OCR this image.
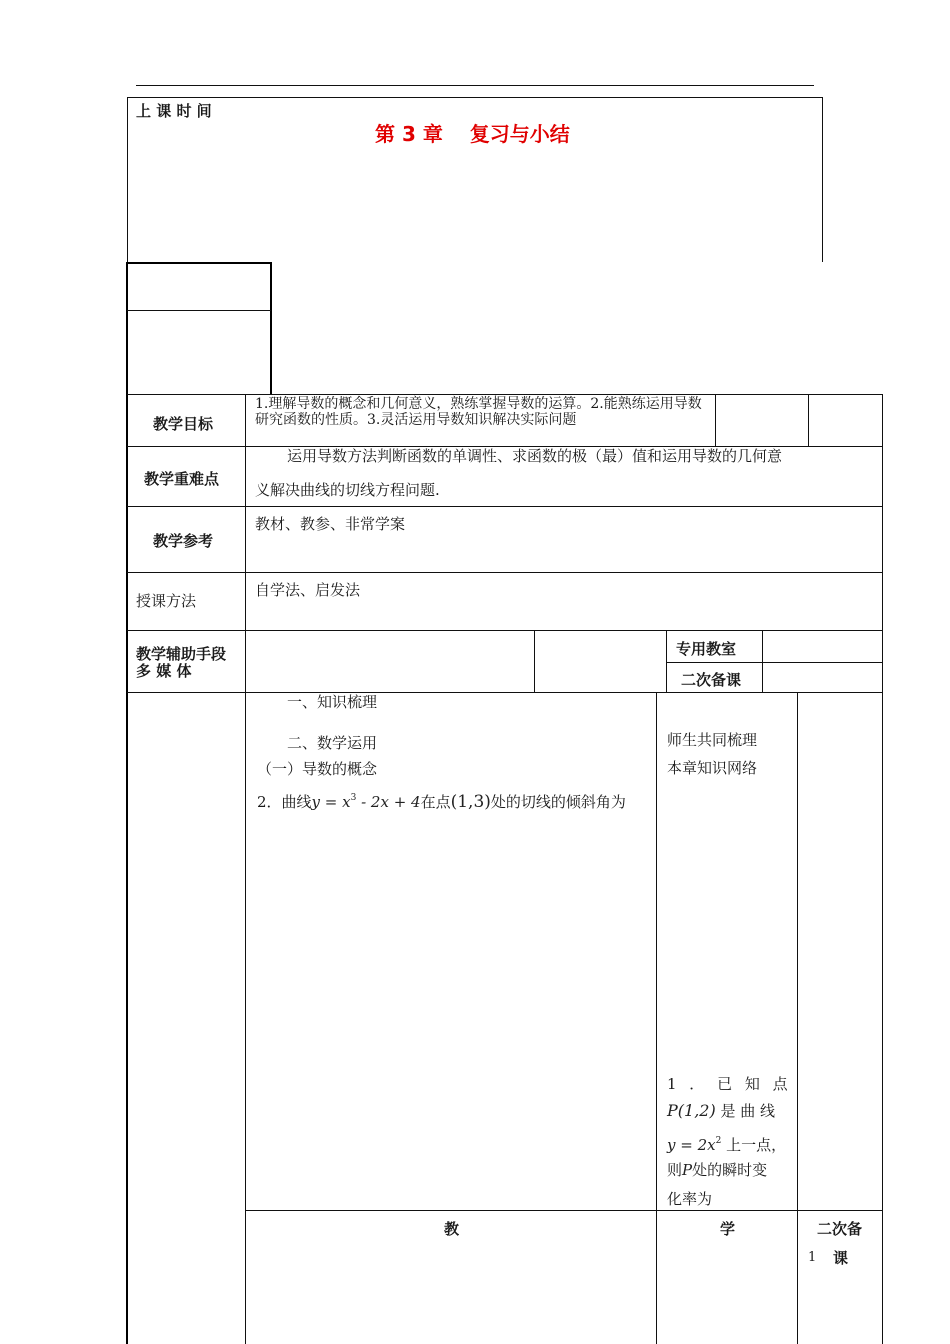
上 课 时 间
第 3 章　 复习与小结
教学目标
1.理解导数的概念和几何意义，熟练掌握导数的运算。2.能熟练运用导数研究函数的性质。3.灵活运用导数知识解决实际问题
教学重难点
运用导数方法判断函数的单调性、求函数的极（最）值和运用导数的几何意
义解决曲线的切线方程问题.
教学参考
教材、教参、非常学案
授课方法
自学法、启发法
教学辅助手段
多 媒 体
专用教室
二次备课
一、知识梳理
二、数学运用
（一）导数的概念
2．曲线$y = x^3 - 2x + 4$在点(1,3)处的切线的倾斜角为
师生共同梳理
本章知识网络
1 ． 已 知 点
P(1,2) 是 曲 线
$y = 2x^2$ 上一点，
则P处的瞬时变
化率为
教	学	二次备
1 课
